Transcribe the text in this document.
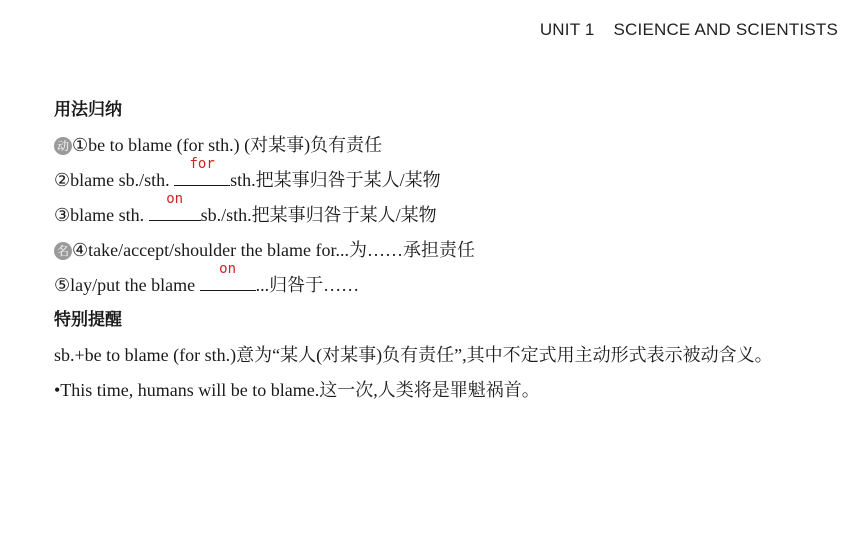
UNIT 1 SCIENCE AND SCIENTISTS
用法归纳
动 ①be to blame (for sth.) (对某事)负有责任
②blame sb./sth.
for
sth.把某事归咎于某人/某物
③blame sth.
on
sb./sth.把某事归咎于某人/某物
名 ④take/accept/shoulder the blame for...为……承担责任
⑤lay/put the blame
on
...归咎于……
特别提醒
sb.+be to blame (for sth.)意为“某人(对某事)负有责任”,其中不定式用主动形式表示被动含义。
•This time, humans will be to blame.这一次,人类将是罪魁祸首。
